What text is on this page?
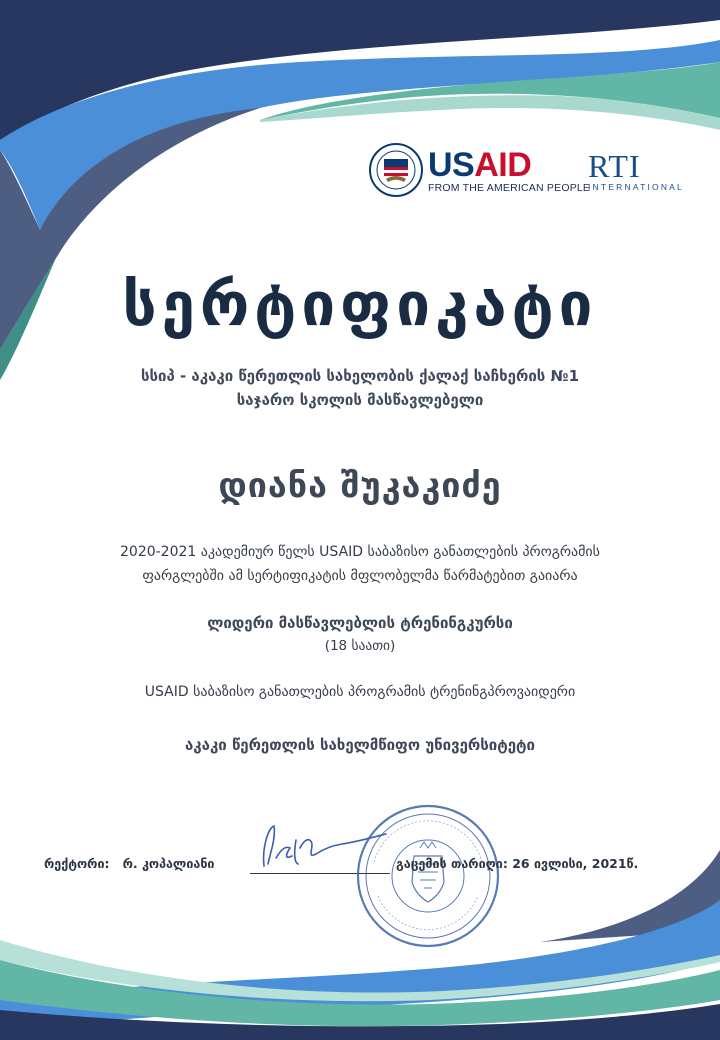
USAID
FROM THE AMERICAN PEOPLE
RTI
INTERNATIONAL
სერტიფიკატი
სსიპ - აკაკი წერეთლის სახელობის ქალაქ საჩხერის №1
საჯარო სკოლის მასწავლებელი
დიანა შუკაკიძე
2020-2021 აკადემიურ წელს USAID საბაზისო განათლების პროგრამის
ფარგლებში ამ სერტიფიკატის მფლობელმა წარმატებით გაიარა
ლიდერი მასწავლებლის ტრენინგკურსი
(18 საათი)
USAID საბაზისო განათლების პროგრამის ტრენინგპროვაიდერი
აკაკი წერეთლის სახელმწიფო უნივერსიტეტი
რექტორი: რ. კოპალიანი	გაცემის თარიღი: 26 ივლისი, 2021წ.
